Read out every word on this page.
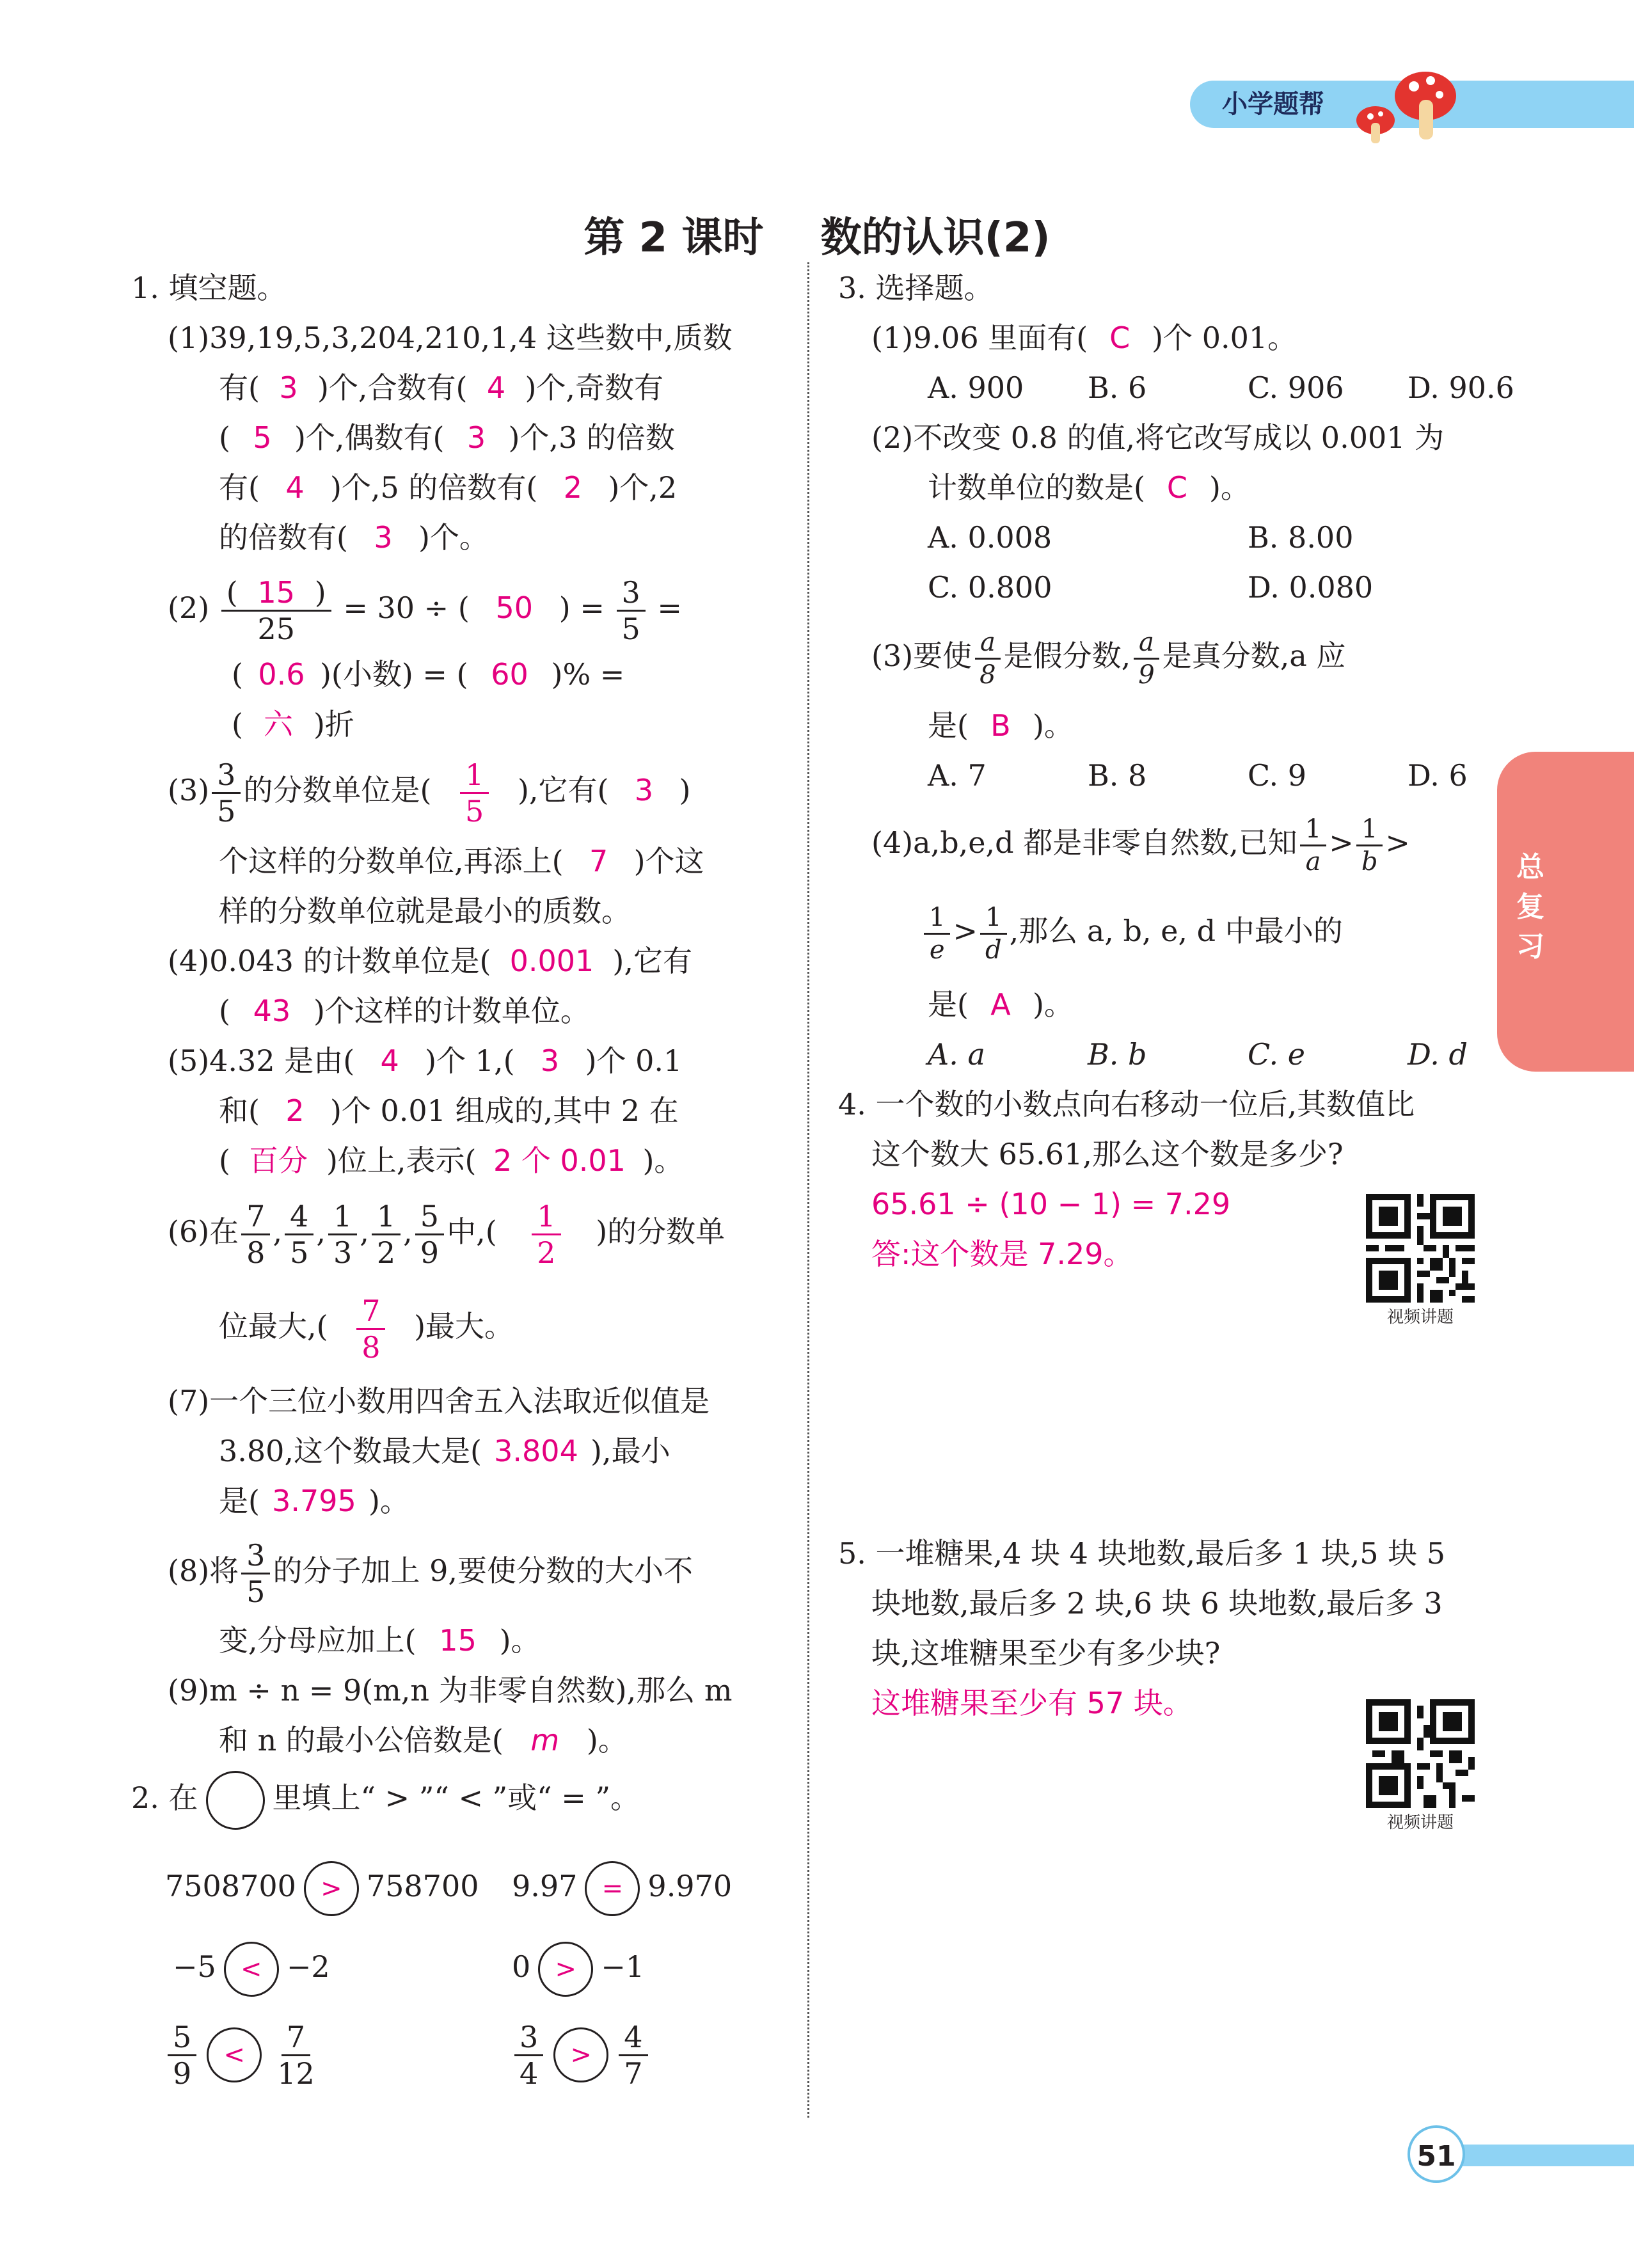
小学题帮
总复习
第 2 课时    数的认识(2)
1. 填空题。
(1)39,19,5,3,204,210,1,4 这些数中,质数
有( 3 )个,合数有( 4 )个,奇数有
( 5 )个,偶数有( 3 )个,3 的倍数
有( 4 )个,5 的倍数有( 2 )个,2
的倍数有( 3 )个。
$(2) \frac{( 15 )}{25} = 30$ ÷ ( 50 ) = $\frac{3}{5}$ =
( 0.6 )(小数) = ( 60 )% =
( 六 )折
$(3) \frac{3}{5}$ 的分数单位是( $\frac{1}{5}$ ),它有( 3 )
个这样的分数单位,再添上( 7 )个这
样的分数单位就是最小的质数。
(4)0.043 的计数单位是( 0.001 ),它有
( 43 )个这样的计数单位。
(5)4.32 是由( 4 )个 1,( 3 )个 0.1
和( 2 )个 0.01 组成的,其中 2 在
( 百分 )位上,表示( 2 个 0.01 )。
(6)在 $\frac{7}{8}$ , $\frac{4}{5}$ , $\frac{1}{3}$ , $\frac{1}{2}$ , $\frac{5}{9}$ 中,( $\frac{1}{2}$ )的分数单
位最大,( $\frac{7}{8}$ )最大。
(7)一个三位小数用四舍五入法取近似值是
3.80,这个数最大是( 3.804 ),最小
是( 3.795 )。
(8)将 $\frac{3}{5}$ 的分子加上 9,要使分数的大小不
变,分母应加上( 15 )。
(9)m ÷ n = 9(m,n 为非零自然数),那么 m
和 n 的最小公倍数是( m )。
2. 在	里填上“ > ”“ < ”或“ = ”。
7508700 > 758700 9.97 = 9.970
−5 < −2	0 > −1
$\frac{5}{9} < \frac{7}{12}$	$\frac{3}{4} > \frac{4}{7}$
3. 选择题。
(1)9.06 里面有( C )个 0.01。
A. 900 B. 6	C. 906 D. 90.6
(2)不改变 0.8 的值,将它改写成以 0.001 为
计数单位的数是( C )。
A. 0.008	B. 8.00
C. 0.800	D. 0.080
(3)要使 $\frac{a}{8}$ 是假分数, $\frac{a}{9}$ 是真分数,a 应
是( B )。
A. 7	B. 8	C. 9	D. 6
(4)a,b,e,d 都是非零自然数,已知 $\frac{1}{a} > \frac{1}{b}$ >
$\frac{1}{e} > \frac{1}{d}$ ,那么 a, b, e, d 中最小的
是( A )。
A. a	B. b	C. e	D. d
4. 一个数的小数点向右移动一位后,其数值比
这个数大 65.61,那么这个数是多少?
65.61 ÷ (10 − 1) = 7.29
答:这个数是 7.29。
视频讲题
5. 一堆糖果,4 块 4 块地数,最后多 1 块,5 块 5
块地数,最后多 2 块,6 块 6 块地数,最后多 3
块,这堆糖果至少有多少块?
这堆糖果至少有 57 块。
视频讲题
51
